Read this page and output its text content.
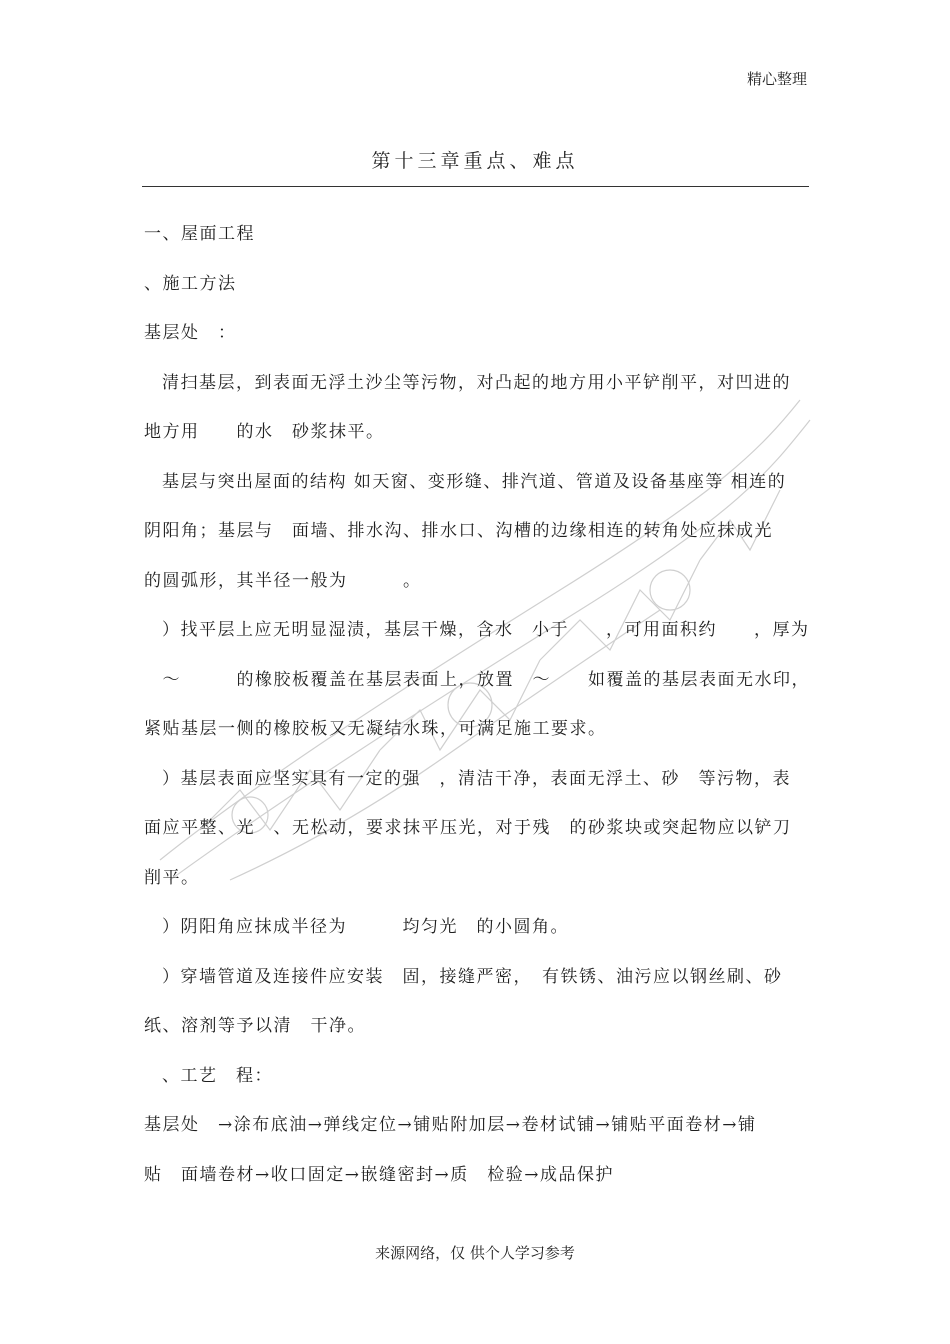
精心整理
第十三章重点、难点
一、屋面工程
、施工方法
基层处　：
清扫基层，到表面无浮土沙尘等污物，对凸起的地方用小平铲削平，对凹进的
地方用　　的水　砂浆抹平。
基层与突出屋面的结构 如天窗、变形缝、排汽道、管道及设备基座等 相连的
阴阳角；基层与　面墙、排水沟、排水口、沟槽的边缘相连的转角处应抹成光
的圆弧形，其半径一般为　　　。
）找平层上应无明显湿渍，基层干燥，含水　小于　　，可用面积约　　，厚为
　～　　　的橡胶板覆盖在基层表面上，放置　～　　如覆盖的基层表面无水印，
紧贴基层一侧的橡胶板又无凝结水珠，可满足施工要求。
）基层表面应坚实具有一定的强　，清洁干净，表面无浮土、砂　等污物，表
面应平整、光　、无松动，要求抹平压光，对于残　的砂浆块或突起物应以铲刀
削平。
）阴阳角应抹成半径为　　　均匀光　的小圆角。
）穿墙管道及连接件应安装　固，接缝严密，　有铁锈、油污应以钢丝刷、砂
纸、溶剂等予以清　干净。
、工艺　程：
基层处　→涂布底油→弹线定位→铺贴附加层→卷材试铺→铺贴平面卷材→铺
贴　面墙卷材→收口固定→嵌缝密封→质　检验→成品保护
来源网络，仅 供个人学习参考
